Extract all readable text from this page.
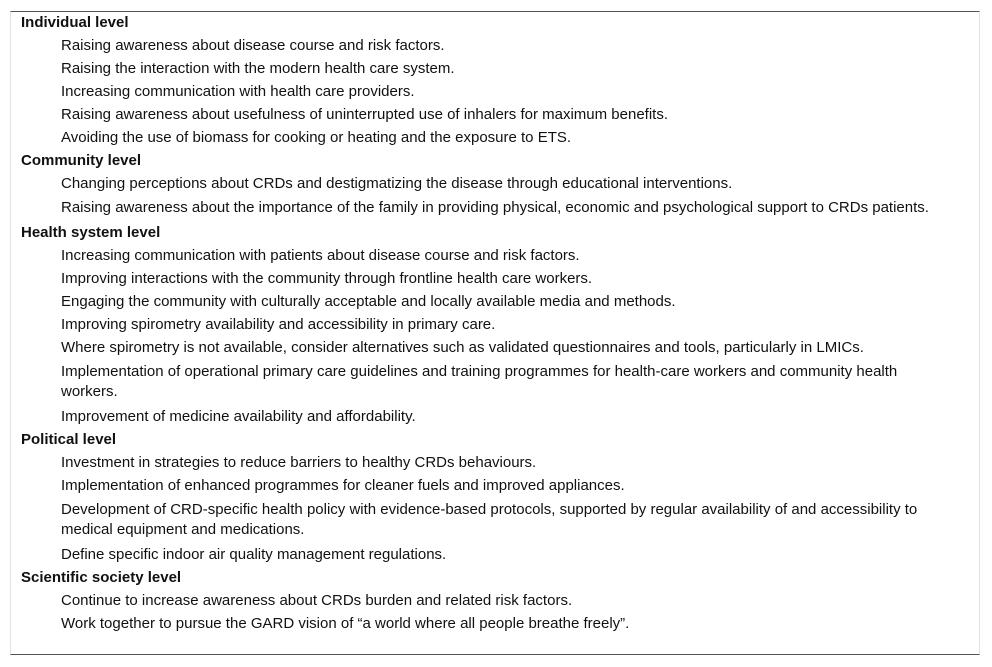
Individual level
Raising awareness about disease course and risk factors.
Raising the interaction with the modern health care system.
Increasing communication with health care providers.
Raising awareness about usefulness of uninterrupted use of inhalers for maximum benefits.
Avoiding the use of biomass for cooking or heating and the exposure to ETS.
Community level
Changing perceptions about CRDs and destigmatizing the disease through educational interventions.
Raising awareness about the importance of the family in providing physical, economic and psychological support to CRDs patients.
Health system level
Increasing communication with patients about disease course and risk factors.
Improving interactions with the community through frontline health care workers.
Engaging the community with culturally acceptable and locally available media and methods.
Improving spirometry availability and accessibility in primary care.
Where spirometry is not available, consider alternatives such as validated questionnaires and tools, particularly in LMICs.
Implementation of operational primary care guidelines and training programmes for health-care workers and community health workers.
Improvement of medicine availability and affordability.
Political level
Investment in strategies to reduce barriers to healthy CRDs behaviours.
Implementation of enhanced programmes for cleaner fuels and improved appliances.
Development of CRD-specific health policy with evidence-based protocols, supported by regular availability of and accessibility to medical equipment and medications.
Define specific indoor air quality management regulations.
Scientific society level
Continue to increase awareness about CRDs burden and related risk factors.
Work together to pursue the GARD vision of “a world where all people breathe freely”.
